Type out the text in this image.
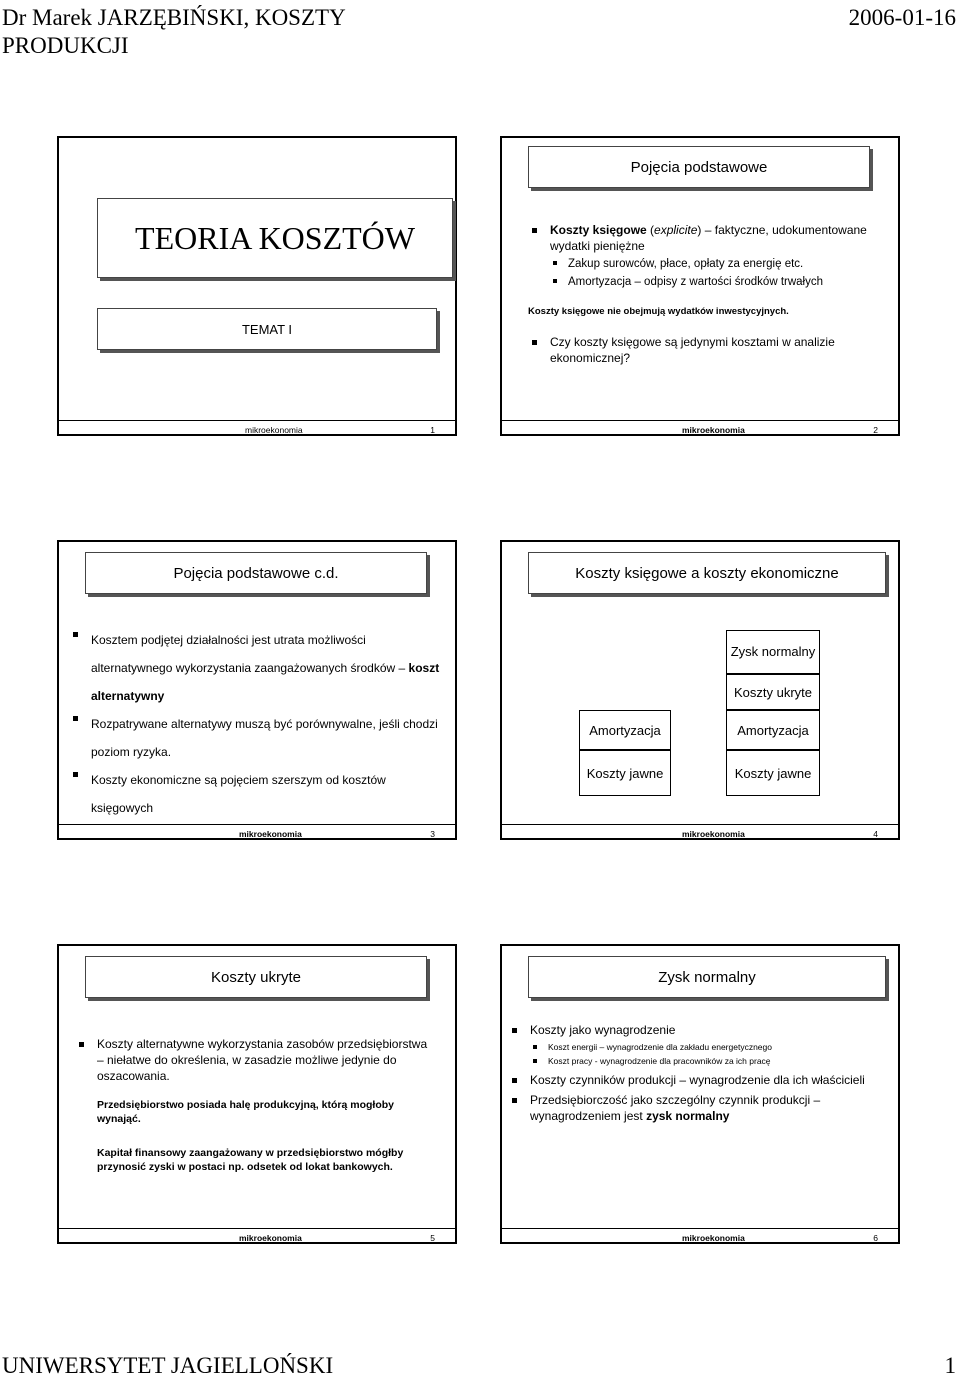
Dr Marek JARZĘBIŃSKI, KOSZTY PRODUKCJI
2006-01-16
TEORIA KOSZTÓW
TEMAT I
mikroekonomia	1
Pojęcia podstawowe
Koszty księgowe (explicite) – faktyczne, udokumentowane wydatki pieniężne
Zakup surowców, płace, opłaty za energię etc.
Amortyzacja – odpisy z wartości środków trwałych
Koszty księgowe nie obejmują wydatków inwestycyjnych.
Czy koszty księgowe są jedynymi kosztami w analizie ekonomicznej?
mikroekonomia	2
Pojęcia podstawowe c.d.
Kosztem podjętej działalności jest utrata możliwości alternatywnego wykorzystania zaangażowanych środków – koszt alternatywny
Rozpatrywane alternatywy muszą być porównywalne, jeśli chodzi poziom ryzyka.
Koszty ekonomiczne są pojęciem szerszym od kosztów księgowych
mikroekonomia	3
Koszty księgowe a koszty ekonomiczne
Amortyzacja
Koszty jawne
Zysk normalny
Koszty ukryte
Amortyzacja
Koszty jawne
mikroekonomia	4
Koszty ukryte
Koszty alternatywne wykorzystania zasobów przedsiębiorstwa – niełatwe do określenia, w zasadzie możliwe jedynie do oszacowania.
Przedsiębiorstwo posiada halę produkcyjną, którą mogłoby wynająć.
Kapitał finansowy zaangażowany w przedsiębiorstwo mógłby przynosić zyski w postaci np. odsetek od lokat bankowych.
mikroekonomia	5
Zysk normalny
Koszty jako wynagrodzenie
Koszt energii – wynagrodzenie dla zakładu energetycznego
Koszt pracy - wynagrodzenie dla pracowników za ich pracę
Koszty czynników produkcji – wynagrodzenie dla ich właścicieli
Przedsiębiorczość jako szczególny czynnik produkcji – wynagrodzeniem jest zysk normalny
mikroekonomia	6
UNIWERSYTET JAGIELLOŃSKI	1
